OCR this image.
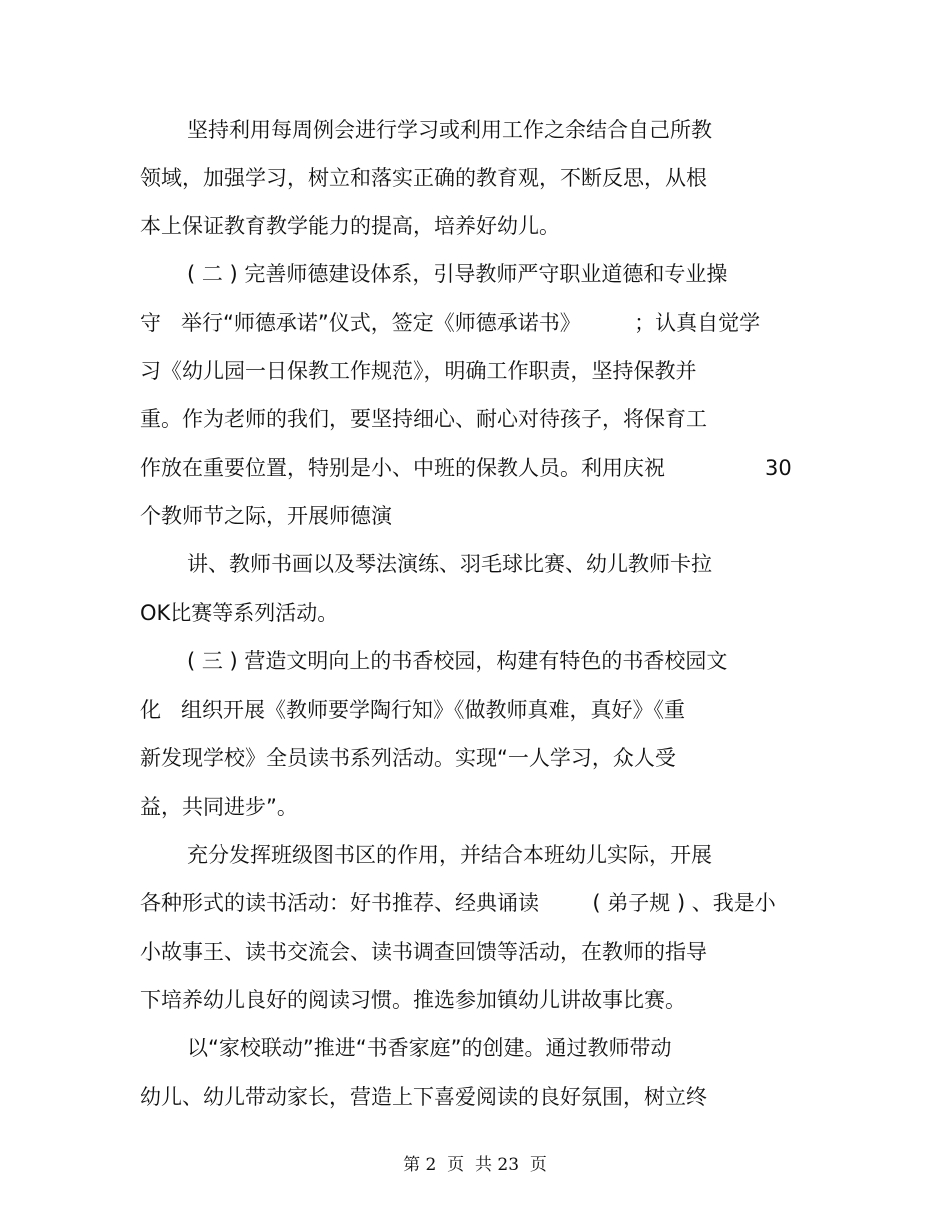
坚持利用每周例会进行学习或利用工作之余结合自己所教
领域，加强学习，树立和落实正确的教育观，不断反思，从根
本上保证教育教学能力的提高，培养好幼儿。
( 二 ) 完善师德建设体系，引导教师严守职业道德和专业操
守   举行“师德承诺”仪式，签定《师德承诺书》        ；认真自觉学
习《幼儿园一日保教工作规范》，明确工作职责，坚持保教并
重。作为老师的我们，要坚持细心、耐心对待孩子，将保育工
作放在重要位置，特别是小、中班的保教人员。利用庆祝	30
个教师节之际，开展师德演
讲、教师书画以及琴法演练、羽毛球比赛、幼儿教师卡拉
OK比赛等系列活动。
( 三 ) 营造文明向上的书香校园，构建有特色的书香校园文
化   组织开展《教师要学陶行知》《做教师真难，真好》《重
新发现学校》全员读书系列活动。实现“一人学习，众人受
益，共同进步”。
充分发挥班级图书区的作用，并结合本班幼儿实际，开展
各种形式的读书活动：好书推荐、经典诵读        ( 弟子规 ) 、我是小
小故事王、读书交流会、读书调查回馈等活动，在教师的指导
下培养幼儿良好的阅读习惯。推选参加镇幼儿讲故事比赛。
以“家校联动”推进“书香家庭”的创建。通过教师带动
幼儿、幼儿带动家长，营造上下喜爱阅读的良好氛围，树立终
第 2  页  共 23  页
